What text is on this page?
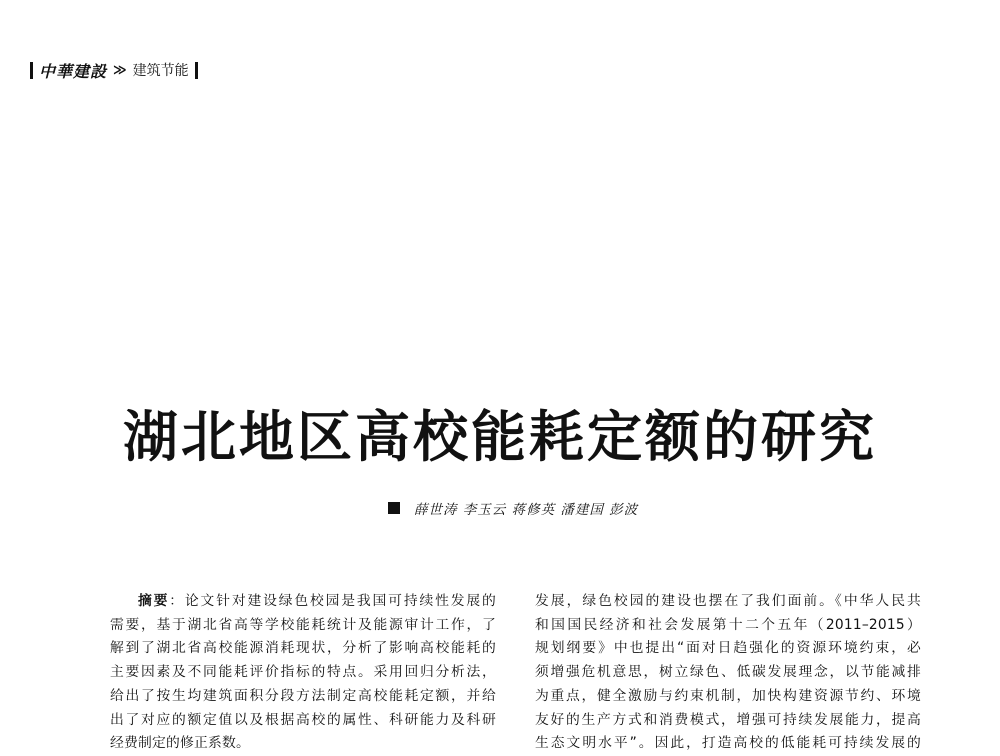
中華建設 ≫ 建筑节能
湖北地区高校能耗定额的研究
薛世涛 李玉云 蒋修英 潘建国 彭波
摘要：论文针对建设绿色校园是我国可持续性发展的
需要，基于湖北省高等学校能耗统计及能源审计工作，了
解到了湖北省高校能源消耗现状，分析了影响高校能耗的
主要因素及不同能耗评价指标的特点。采用回归分析法，
给出了按生均建筑面积分段方法制定高校能耗定额，并给
出了对应的额定值以及根据高校的属性、科研能力及科研
经费制定的修正系数。
发展，绿色校园的建设也摆在了我们面前。《中华人民共
和国国民经济和社会发展第十二个五年（2011–2015）
规划纲要》中也提出“面对日趋强化的资源环境约束，必
须增强危机意思，树立绿色、低碳发展理念，以节能减排
为重点，健全激励与约束机制，加快构建资源节约、环境
友好的生产方式和消费模式，增强可持续发展能力，提高
生态文明水平”。因此，打造高校的低能耗可持续发展的
